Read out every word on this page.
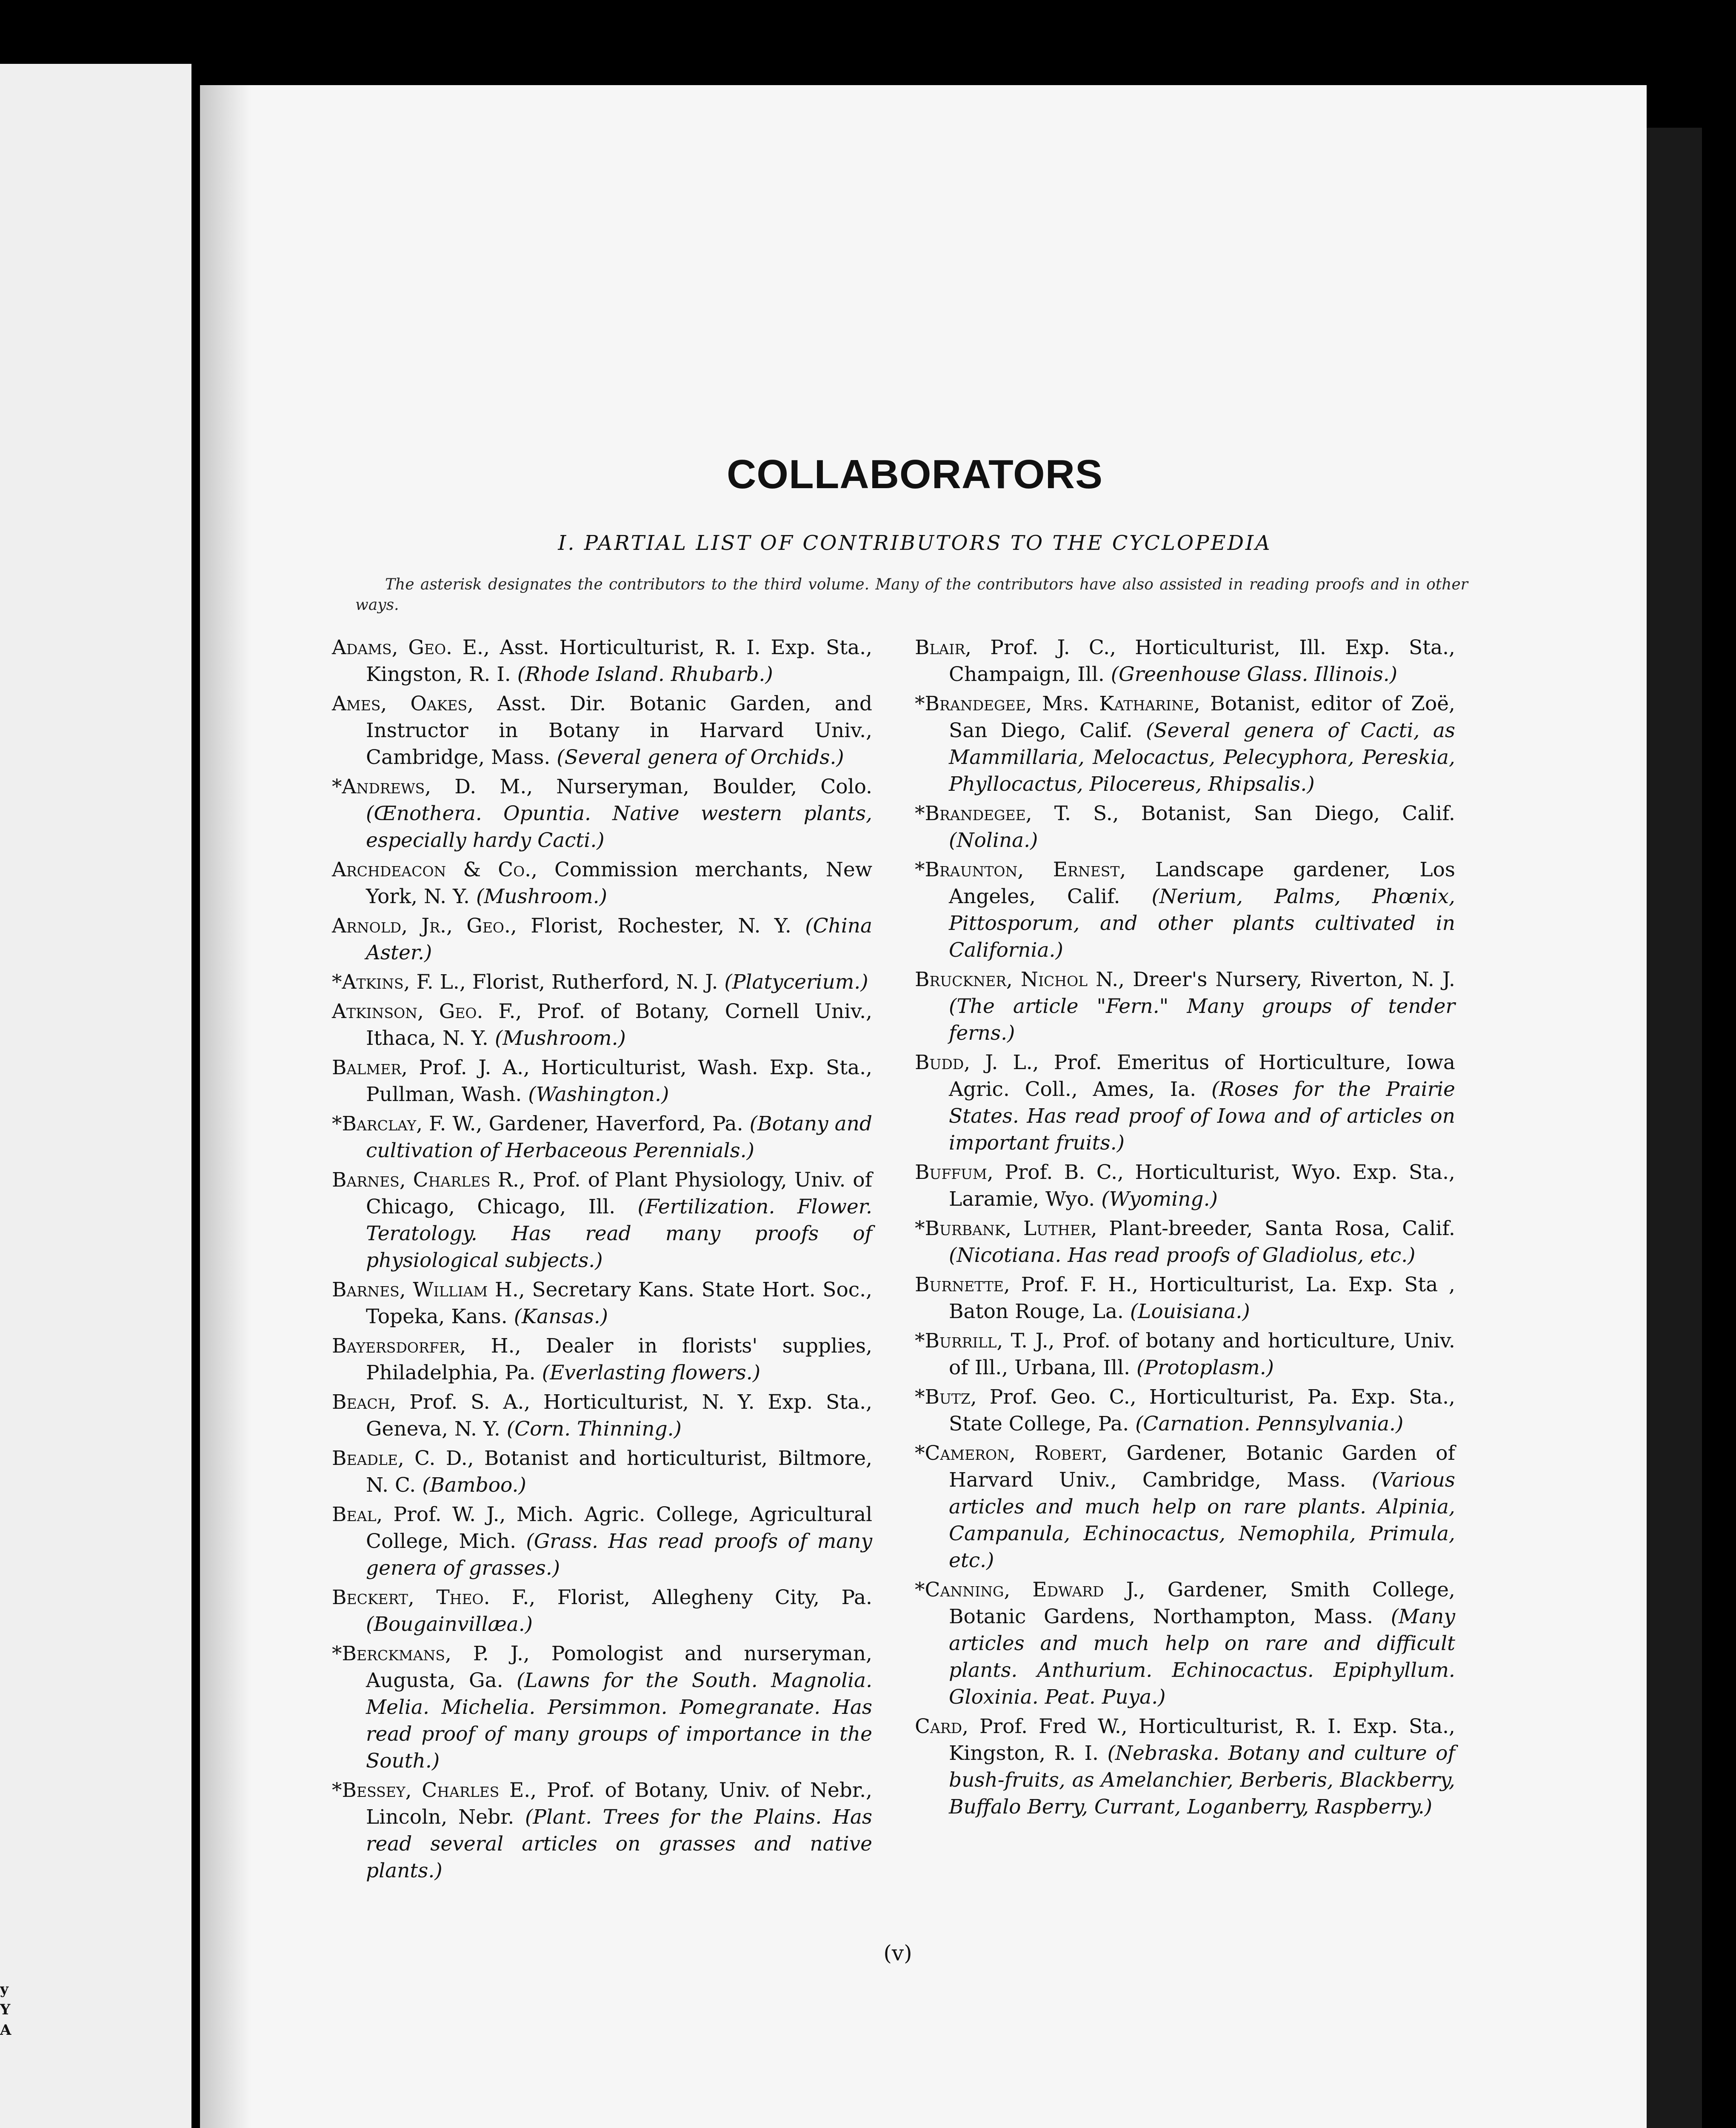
y
Y
A
COLLABORATORS
I. PARTIAL LIST OF CONTRIBUTORS TO THE CYCLOPEDIA
The asterisk designates the contributors to the third volume. Many of the contributors have also assisted in reading proofs and in other ways.
Adams, Geo. E., Asst. Horticulturist, R. I. Exp. Sta., Kingston, R. I. (Rhode Island. Rhubarb.)
Ames, Oakes, Asst. Dir. Botanic Garden, and Instructor in Botany in Harvard Univ., Cambridge, Mass. (Several genera of Orchids.)
*Andrews, D. M., Nurseryman, Boulder, Colo. (Œnothera. Opuntia. Native western plants, especially hardy Cacti.)
Archdeacon & Co., Commission merchants, New York, N. Y. (Mushroom.)
Arnold, Jr., Geo., Florist, Rochester, N. Y. (China Aster.)
*Atkins, F. L., Florist, Rutherford, N. J. (Platycerium.)
Atkinson, Geo. F., Prof. of Botany, Cornell Univ., Ithaca, N. Y. (Mushroom.)
Balmer, Prof. J. A., Horticulturist, Wash. Exp. Sta., Pullman, Wash. (Washington.)
*Barclay, F. W., Gardener, Haverford, Pa. (Botany and cultivation of Herbaceous Perennials.)
Barnes, Charles R., Prof. of Plant Physiology, Univ. of Chicago, Chicago, Ill. (Fertilization. Flower. Teratology. Has read many proofs of physiological subjects.)
Barnes, William H., Secretary Kans. State Hort. Soc., Topeka, Kans. (Kansas.)
Bayersdorfer, H., Dealer in florists' supplies, Philadelphia, Pa. (Everlasting flowers.)
Beach, Prof. S. A., Horticulturist, N. Y. Exp. Sta., Geneva, N. Y. (Corn. Thinning.)
Beadle, C. D., Botanist and horticulturist, Biltmore, N. C. (Bamboo.)
Beal, Prof. W. J., Mich. Agric. College, Agricultural College, Mich. (Grass. Has read proofs of many genera of grasses.)
Beckert, Theo. F., Florist, Allegheny City, Pa. (Bougainvillæa.)
*Berckmans, P. J., Pomologist and nurseryman, Augusta, Ga. (Lawns for the South. Magnolia. Melia. Michelia. Persimmon. Pomegranate. Has read proof of many groups of importance in the South.)
*Bessey, Charles E., Prof. of Botany, Univ. of Nebr., Lincoln, Nebr. (Plant. Trees for the Plains. Has read several articles on grasses and native plants.)
Blair, Prof. J. C., Horticulturist, Ill. Exp. Sta., Champaign, Ill. (Greenhouse Glass. Illinois.)
*Brandegee, Mrs. Katharine, Botanist, editor of Zoë, San Diego, Calif. (Several genera of Cacti, as Mammillaria, Melocactus, Pelecyphora, Pereskia, Phyllocactus, Pilocereus, Rhipsalis.)
*Brandegee, T. S., Botanist, San Diego, Calif. (Nolina.)
*Braunton, Ernest, Landscape gardener, Los Angeles, Calif. (Nerium, Palms, Phœnix, Pittosporum, and other plants cultivated in California.)
Bruckner, Nichol N., Dreer's Nursery, Riverton, N. J. (The article "Fern." Many groups of tender ferns.)
Budd, J. L., Prof. Emeritus of Horticulture, Iowa Agric. Coll., Ames, Ia. (Roses for the Prairie States. Has read proof of Iowa and of articles on important fruits.)
Buffum, Prof. B. C., Horticulturist, Wyo. Exp. Sta., Laramie, Wyo. (Wyoming.)
*Burbank, Luther, Plant-breeder, Santa Rosa, Calif. (Nicotiana. Has read proofs of Gladiolus, etc.)
Burnette, Prof. F. H., Horticulturist, La. Exp. Sta , Baton Rouge, La. (Louisiana.)
*Burrill, T. J., Prof. of botany and horticulture, Univ. of Ill., Urbana, Ill. (Protoplasm.)
*Butz, Prof. Geo. C., Horticulturist, Pa. Exp. Sta., State College, Pa. (Carnation. Pennsylvania.)
*Cameron, Robert, Gardener, Botanic Garden of Harvard Univ., Cambridge, Mass. (Various articles and much help on rare plants. Alpinia, Campanula, Echinocactus, Nemophila, Primula, etc.)
*Canning, Edward J., Gardener, Smith College, Botanic Gardens, Northampton, Mass. (Many articles and much help on rare and difficult plants. Anthurium. Echinocactus. Epiphyllum. Gloxinia. Peat. Puya.)
Card, Prof. Fred W., Horticulturist, R. I. Exp. Sta., Kingston, R. I. (Nebraska. Botany and culture of bush-fruits, as Amelanchier, Berberis, Blackberry, Buffalo Berry, Currant, Loganberry, Raspberry.)
(v)
